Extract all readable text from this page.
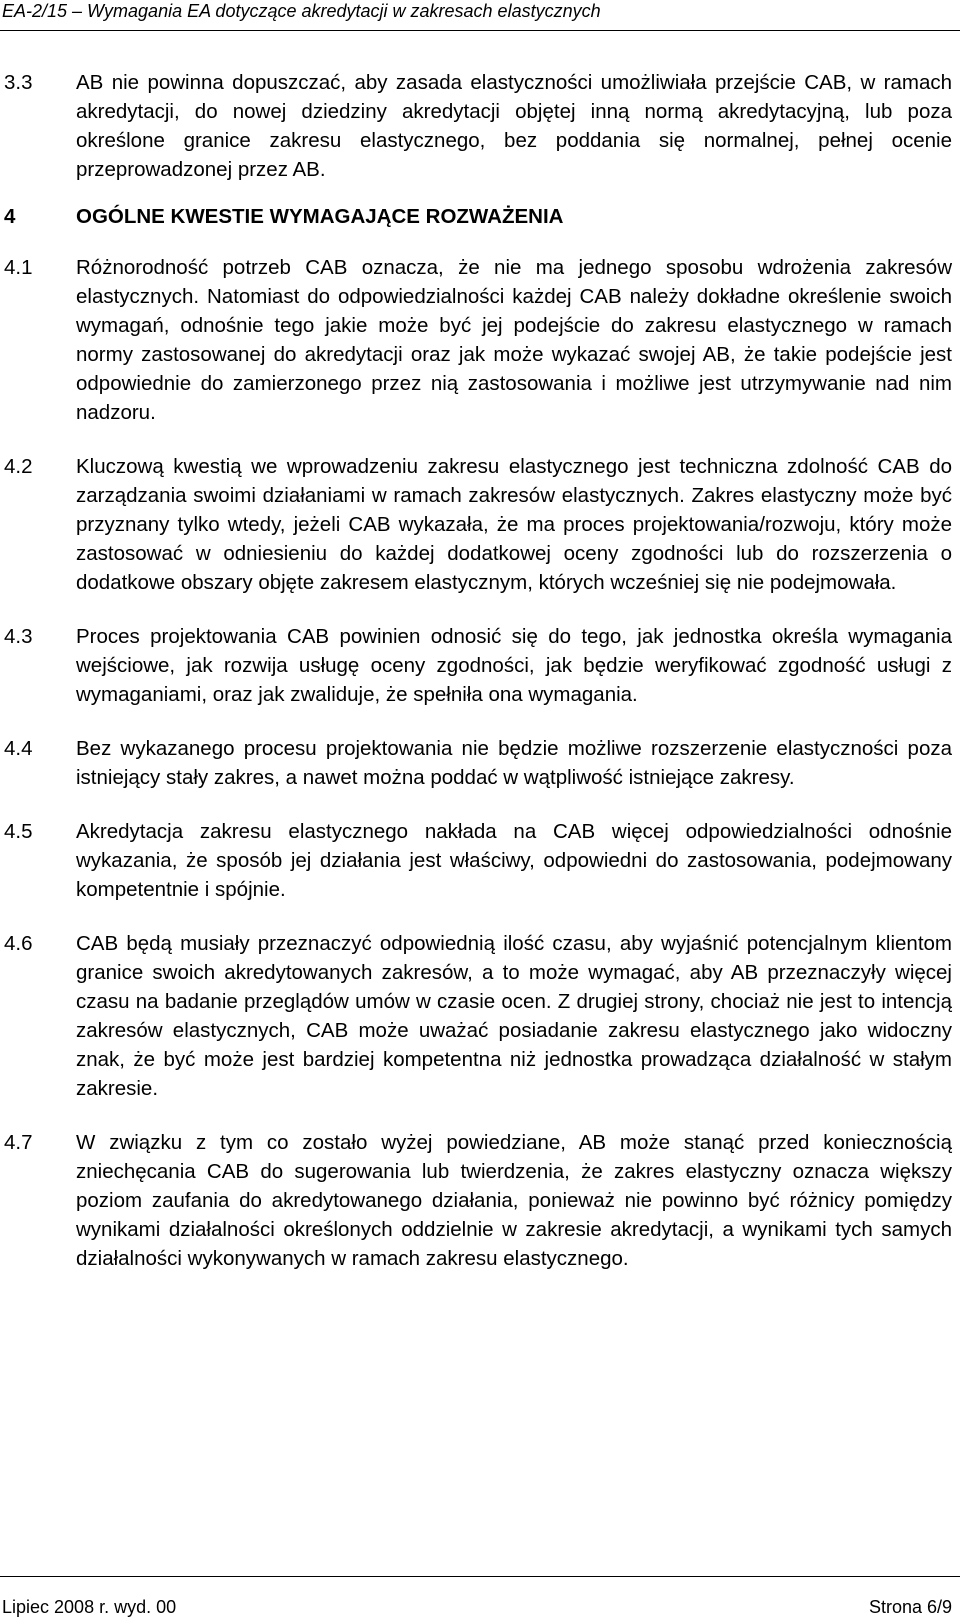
EA-2/15 – Wymagania EA dotyczące akredytacji w zakresach elastycznych
3.3 AB nie powinna dopuszczać, aby zasada elastyczności umożliwiała przejście CAB, w ramach akredytacji, do nowej dziedziny akredytacji objętej inną normą akredytacyjną, lub poza określone granice zakresu elastycznego, bez poddania się normalnej, pełnej ocenie przeprowadzonej przez AB.
4	OGÓLNE KWESTIE WYMAGAJĄCE ROZWAŻENIA
4.1 Różnorodność potrzeb CAB oznacza, że nie ma jednego sposobu wdrożenia zakresów elastycznych. Natomiast do odpowiedzialności każdej CAB należy dokładne określenie swoich wymagań, odnośnie tego jakie może być jej podejście do zakresu elastycznego w ramach normy zastosowanej do akredytacji oraz jak może wykazać swojej AB, że takie podejście jest odpowiednie do zamierzonego przez nią zastosowania i możliwe jest utrzymywanie nad nim nadzoru.
4.2 Kluczową kwestią we wprowadzeniu zakresu elastycznego jest techniczna zdolność CAB do zarządzania swoimi działaniami w ramach zakresów elastycznych. Zakres elastyczny może być przyznany tylko wtedy, jeżeli CAB wykazała, że ma proces projektowania/rozwoju, który może zastosować w odniesieniu do każdej dodatkowej oceny zgodności lub do rozszerzenia o dodatkowe obszary objęte zakresem elastycznym, których wcześniej się nie podejmowała.
4.3 Proces projektowania CAB powinien odnosić się do tego, jak jednostka określa wymagania wejściowe, jak rozwija usługę oceny zgodności, jak będzie weryfikować zgodność usługi z wymaganiami, oraz jak zwaliduje, że spełniła ona wymagania.
4.4 Bez wykazanego procesu projektowania nie będzie możliwe rozszerzenie elastyczności poza istniejący stały zakres, a nawet można poddać w wątpliwość istniejące zakresy.
4.5 Akredytacja zakresu elastycznego nakłada na CAB więcej odpowiedzialności odnośnie wykazania, że sposób jej działania jest właściwy, odpowiedni do zastosowania, podejmowany kompetentnie i spójnie.
4.6 CAB będą musiały przeznaczyć odpowiednią ilość czasu, aby wyjaśnić potencjalnym klientom granice swoich akredytowanych zakresów, a to może wymagać, aby AB przeznaczyły więcej czasu na badanie przeglądów umów w czasie ocen. Z drugiej strony, chociaż nie jest to intencją zakresów elastycznych, CAB może uważać posiadanie zakresu elastycznego jako widoczny znak, że być może jest bardziej kompetentna niż jednostka prowadząca działalność w stałym zakresie.
4.7 W związku z tym co zostało wyżej powiedziane, AB może stanąć przed koniecznością zniechęcania CAB do sugerowania lub twierdzenia, że zakres elastyczny oznacza większy poziom zaufania do akredytowanego działania, ponieważ nie powinno być różnicy pomiędzy wynikami działalności określonych oddzielnie w zakresie akredytacji, a wynikami tych samych działalności wykonywanych w ramach zakresu elastycznego.
Lipiec 2008 r. wyd. 00	Strona 6/9
